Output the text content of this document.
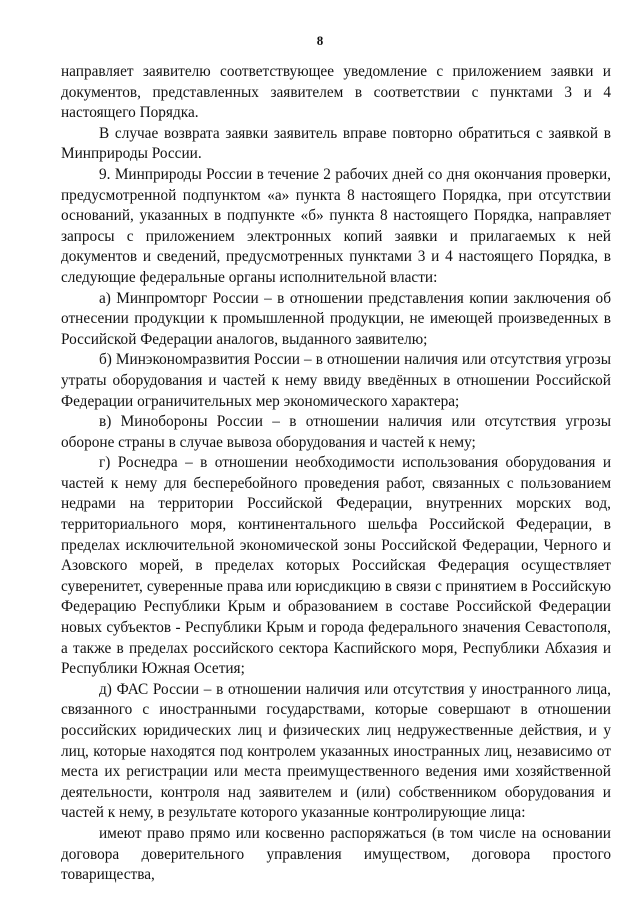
8

направляет заявителю соответствующее уведомление с приложением заявки и документов, представленных заявителем в соответствии с пунктами 3 и 4 настоящего Порядка.

В случае возврата заявки заявитель вправе повторно обратиться с заявкой в Минприроды России.

9. Минприроды России в течение 2 рабочих дней со дня окончания проверки, предусмотренной подпунктом «а» пункта 8 настоящего Порядка, при отсутствии оснований, указанных в подпункте «б» пункта 8 настоящего Порядка, направляет запросы с приложением электронных копий заявки и прилагаемых к ней документов и сведений, предусмотренных пунктами 3 и 4 настоящего Порядка, в следующие федеральные органы исполнительной власти:

а) Минпромторг России – в отношении представления копии заключения об отнесении продукции к промышленной продукции, не имеющей произведенных в Российской Федерации аналогов, выданного заявителю;

б) Минэкономразвития России – в отношении наличия или отсутствия угрозы утраты оборудования и частей к нему ввиду введённых в отношении Российской Федерации ограничительных мер экономического характера;

в) Минобороны России – в отношении наличия или отсутствия угрозы обороне страны в случае вывоза оборудования и частей к нему;

г) Роснедра – в отношении необходимости использования оборудования и частей к нему для бесперебойного проведения работ, связанных с пользованием недрами на территории Российской Федерации, внутренних морских вод, территориального моря, континентального шельфа Российской Федерации, в пределах исключительной экономической зоны Российской Федерации, Черного и Азовского морей, в пределах которых Российская Федерация осуществляет суверенитет, суверенные права или юрисдикцию в связи с принятием в Российскую Федерацию Республики Крым и образованием в составе Российской Федерации новых субъектов - Республики Крым и города федерального значения Севастополя, а также в пределах российского сектора Каспийского моря, Республики Абхазия и Республики Южная Осетия;

д) ФАС России – в отношении наличия или отсутствия у иностранного лица, связанного с иностранными государствами, которые совершают в отношении российских юридических лиц и физических лиц недружественные действия, и у лиц, которые находятся под контролем указанных иностранных лиц, независимо от места их регистрации или места преимущественного ведения ими хозяйственной деятельности, контроля над заявителем и (или) собственником оборудования и частей к нему, в результате которого указанные контролирующие лица:

имеют право прямо или косвенно распоряжаться (в том числе на основании договора доверительного управления имуществом, договора простого товарищества,
